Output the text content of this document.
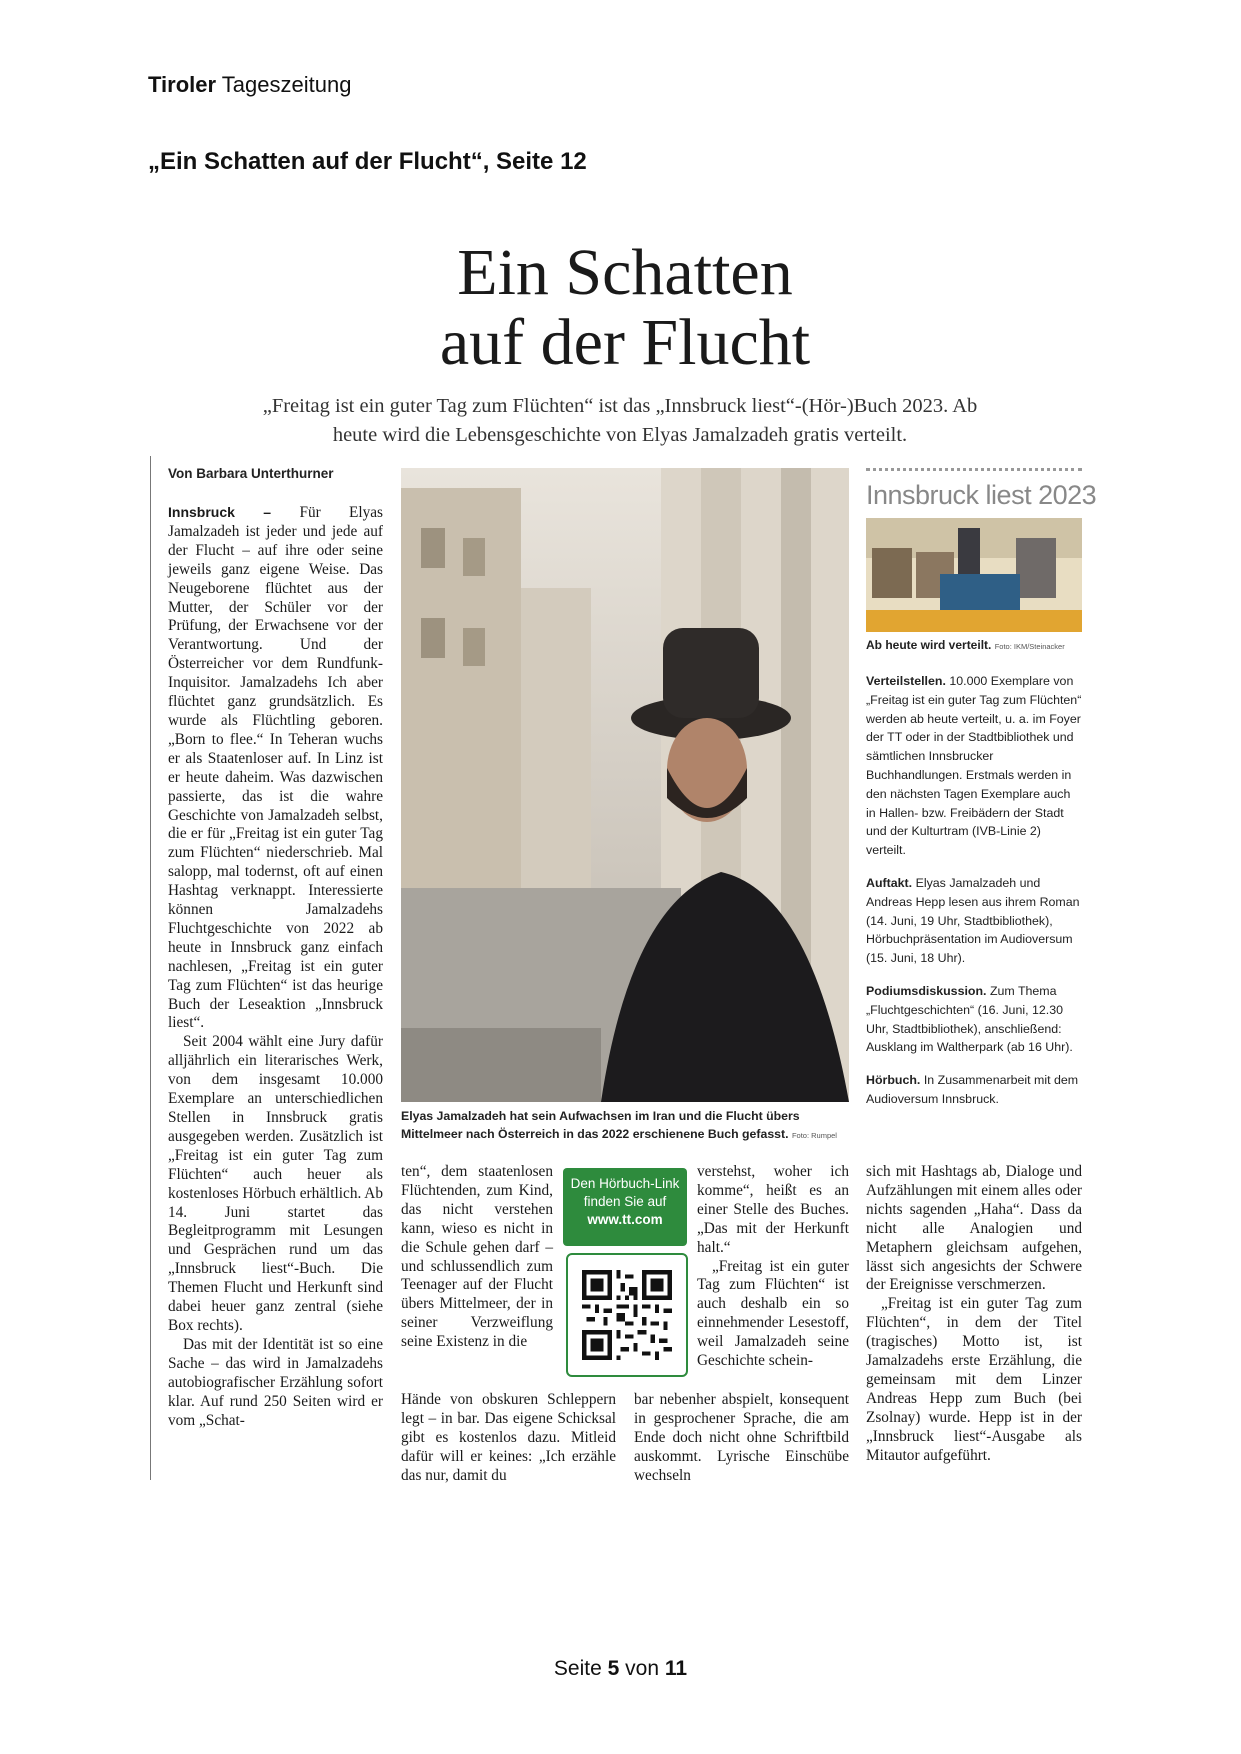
Tiroler Tageszeitung
„Ein Schatten auf der Flucht“, Seite 12
Ein Schatten
auf der Flucht
„Freitag ist ein guter Tag zum Flüchten“ ist das „Innsbruck liest“-(Hör-)Buch 2023. Ab heute wird die Lebensgeschichte von Elyas Jamalzadeh gratis verteilt.
Von Barbara Unterthurner

Innsbruck – Für Elyas Jamalzadeh ist jeder und jede auf der Flucht – auf ihre oder seine jeweils ganz eigene Weise. Das Neugeborene flüchtet aus der Mutter, der Schüler vor der Prüfung, der Erwachsene vor der Verantwortung. Und der Österreicher vor dem Rundfunk-Inquisitor. Jamalzadehs Ich aber flüchtet ganz grundsätzlich. Es wurde als Flüchtling geboren. „Born to flee.“ In Teheran wuchs er als Staatenloser auf. In Linz ist er heute daheim. Was dazwischen passierte, das ist die wahre Geschichte von Jamalzadeh selbst, die er für „Freitag ist ein guter Tag zum Flüchten“ niederschrieb. Mal salopp, mal todernst, oft auf einen Hashtag verknappt. Interessierte können Jamalzadehs Fluchtgeschichte von 2022 ab heute in Innsbruck ganz einfach nachlesen, „Freitag ist ein guter Tag zum Flüchten“ ist das heurige Buch der Leseaktion „Innsbruck liest“.

Seit 2004 wählt eine Jury dafür alljährlich ein literarisches Werk, von dem insgesamt 10.000 Exemplare an unterschiedlichen Stellen in Innsbruck gratis ausgegeben werden. Zusätzlich ist „Freitag ist ein guter Tag zum Flüchten“ auch heuer als kostenloses Hörbuch erhältlich. Ab 14. Juni startet das Begleitprogramm mit Lesungen und Gesprächen rund um das „Innsbruck liest“-Buch. Die Themen Flucht und Herkunft sind dabei heuer ganz zentral (siehe Box rechts).

Das mit der Identität ist so eine Sache – das wird in Jamalzadehs autobiografischer Erzählung sofort klar. Auf rund 250 Seiten wird er vom „Schat-

Elyas Jamalzadeh hat sein Aufwachsen im Iran und die Flucht übers Mittelmeer nach Österreich in das 2022 erschienene Buch gefasst. Foto: Rumpel

ten“, dem staatenlosen Flüchtenden, zum Kind, das nicht verstehen kann, wieso es nicht in die Schule gehen darf – und schlussendlich zum Teenager auf der Flucht übers Mittelmeer, der in seiner Verzweiflung seine Existenz in die

Hände von obskuren Schleppern legt – in bar. Das eigene Schicksal gibt es kostenlos dazu. Mitleid dafür will er keines: „Ich erzähle das nur, damit du

Den Hörbuch-Link
finden Sie auf
www.tt.com

verstehst, woher ich komme“, heißt es an einer Stelle des Buches. „Das mit der Herkunft halt.“

„Freitag ist ein guter Tag zum Flüchten“ ist auch deshalb ein so einnehmender Lesestoff, weil Jamalzadeh seine Geschichte schein-

bar nebenher abspielt, konsequent in gesprochener Sprache, die am Ende doch nicht ohne Schriftbild auskommt. Lyrische Einschübe wechseln

sich mit Hashtags ab, Dialoge und Aufzählungen mit einem alles oder nichts sagenden „Haha“. Dass da nicht alle Analogien und Metaphern gleichsam aufgehen, lässt sich angesichts der Schwere der Ereignisse verschmerzen.

„Freitag ist ein guter Tag zum Flüchten“, in dem der Titel (tragisches) Motto ist, ist Jamalzadehs erste Erzählung, die gemeinsam mit dem Linzer Andreas Hepp zum Buch (bei Zsolnay) wurde. Hepp ist in der „Innsbruck liest“-Ausgabe als Mitautor aufgeführt.

Innsbruck liest 2023
Ab heute wird verteilt. Foto: IKM/Steinacker

Verteilstellen. 10.000 Exemplare von „Freitag ist ein guter Tag zum Flüchten“ werden ab heute verteilt, u. a. im Foyer der TT oder in der Stadtbibliothek und sämtlichen Innsbrucker Buchhandlungen. Erstmals werden in den nächsten Tagen Exemplare auch in Hallen- bzw. Freibädern der Stadt und der Kulturtram (IVB-Linie 2) verteilt.

Auftakt. Elyas Jamalzadeh und Andreas Hepp lesen aus ihrem Roman (14. Juni, 19 Uhr, Stadtbibliothek), Hörbuchpräsentation im Audioversum (15. Juni, 18 Uhr).

Podiumsdiskussion. Zum Thema „Fluchtgeschichten“ (16. Juni, 12.30 Uhr, Stadtbibliothek), anschließend: Ausklang im Waltherpark (ab 16 Uhr).

Hörbuch. In Zusammenarbeit mit dem Audioversum Innsbruck.

Seite 5 von 11
